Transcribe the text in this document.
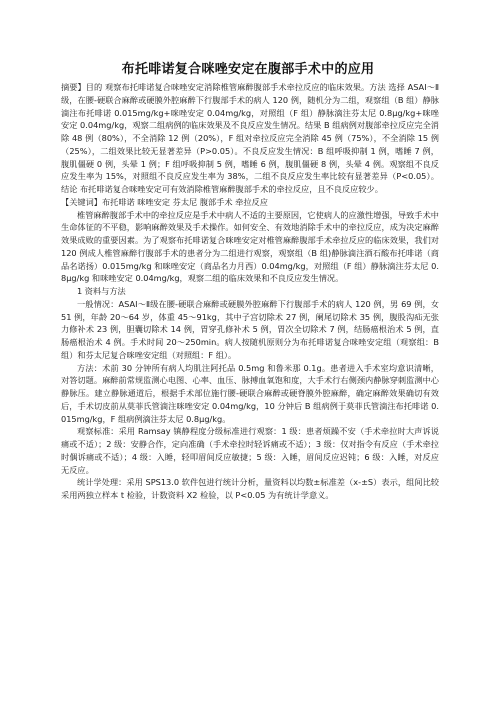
布托啡诺复合咪唑安定在腹部手术中的应用

摘要】目的 观察布托啡诺复合咪唑安定消除椎管麻醉腹部手术牵拉反应的临床效果。方法 选择 ASAⅠ～Ⅱ级，在腰-硬联合麻醉或硬膜外腔麻醉下行腹部手术的病人 120 例，随机分为二组，观察组（B 组）静脉滴注布托啡诺 0.015mg/kg+咪唑安定 0.04mg/kg，对照组（F 组）静脉滴注芬太尼 0.8μg/kg+咪唑安定 0.04mg/kg，观察二组病例的临床效果及不良反应发生情况。结果 B 组病例对腹部牵拉反应完全消除 48 例（80%），不全消除 12 例（20%），F 组对牵拉反应完全消除 45 例（75%），不全消除 15 例（25%），二组效果比较无显著差异（P>0.05）。不良反应发生情况：B 组呼吸抑制 1 例，嗜睡 7 例，腹肌僵硬 0 例，头晕 1 例；F 组呼吸抑制 5 例，嗜睡 6 例，腹肌僵硬 8 例，头晕 4 例。观察组不良反应发生率为 15%，对照组不良反应发生率为 38%，二组不良反应发生率比较有显著差异（P<0.05）。结论 布托啡诺复合咪唑安定可有效消除椎管麻醉腹部手术的牵拉反应，且不良反应较少。

【关键词】布托啡诺 咪唑安定 芬太尼 腹部手术 牵拉反应

椎管麻醉腹部手术中的牵拉反应是手术中病人不适的主要原因，它使病人的应激性增强，导致手术中生命体征的不平稳，影响麻醉效果及手术操作。如何安全、有效地消除手术中的牵拉反应，成为决定麻醉效果成败的重要因素。为了观察布托啡诺复合咪唑安定对椎管麻醉腹部手术牵拉反应的临床效果，我们对 120 例成人椎管麻醉行腹部手术的患者分为二组进行观察，观察组（B 组)静脉滴注酒石酸布托啡诺（商品名诺扬）0.015mg/kg 和咪唑安定（商品名力月西）0.04mg/kg，对照组（F 组）静脉滴注芬太尼 0.8μg/kg 和咪唑安定 0.04mg/kg，观察二组的临床效果和不良反应发生情况。

1 资料与方法

一般情况：ASAⅠ～Ⅱ级在腰-硬联合麻醉或硬膜外腔麻醉下行腹部手术的病人 120 例，男 69 例，女 51 例，年龄 20～64 岁，体重 45～91kg，其中子宫切除术 27 例，阑尾切除术 35 例，腹股沟疝无张力修补术 23 例，胆囊切除术 14 例，胃穿孔修补术 5 例，胃次全切除术 7 例，结肠癌根治术 5 例，直肠癌根治术 4 例。手术时间 20～250min。病人按随机原则分为布托啡诺复合咪唑安定组（观察组：B 组）和芬太尼复合咪唑安定组（对照组：F 组）。

方法：术前 30 分钟所有病人均肌注阿托品 0.5mg 和鲁米那 0.1g。患者进入手术室均意识清晰，对答切题。麻醉前常规监测心电图、心率、血压、脉搏血氧饱和度，大手术行右侧颈内静脉穿刺监测中心静脉压。建立静脉通道后，根据手术部位施行腰-硬联合麻醉或硬脊膜外腔麻醉，确定麻醉效果确切有效后，手术切皮前从莫菲氏管滴注咪唑安定 0.04mg/kg，10 分钟后 B 组病例于莫菲氏管滴注布托啡诺 0.015mg/kg，F 组病例滴注芬太尼 0.8μg/kg。

观察标准：采用 Ramsay 镇静程度分级标准进行观察：1 级：患者烦躁不安（手术牵拉时大声诉说痛或不适）；2 级：安静合作，定向准确（手术牵拉时轻诉痛或不适）；3 级：仅对指令有反应（手术牵拉时偶诉痛或不适）；4 级：入睡，轻叩眉间反应敏捷；5 级：入睡，眉间反应迟钝；6 级：入睡，对反应无反应。

统计学处理：采用 SPS13.0 软件包进行统计分析，量资料以均数±标准差（x-±S）表示，组间比较采用两独立样本 t 检验，计数资料 X2 检验，以 P<0.05 为有统计学意义。
